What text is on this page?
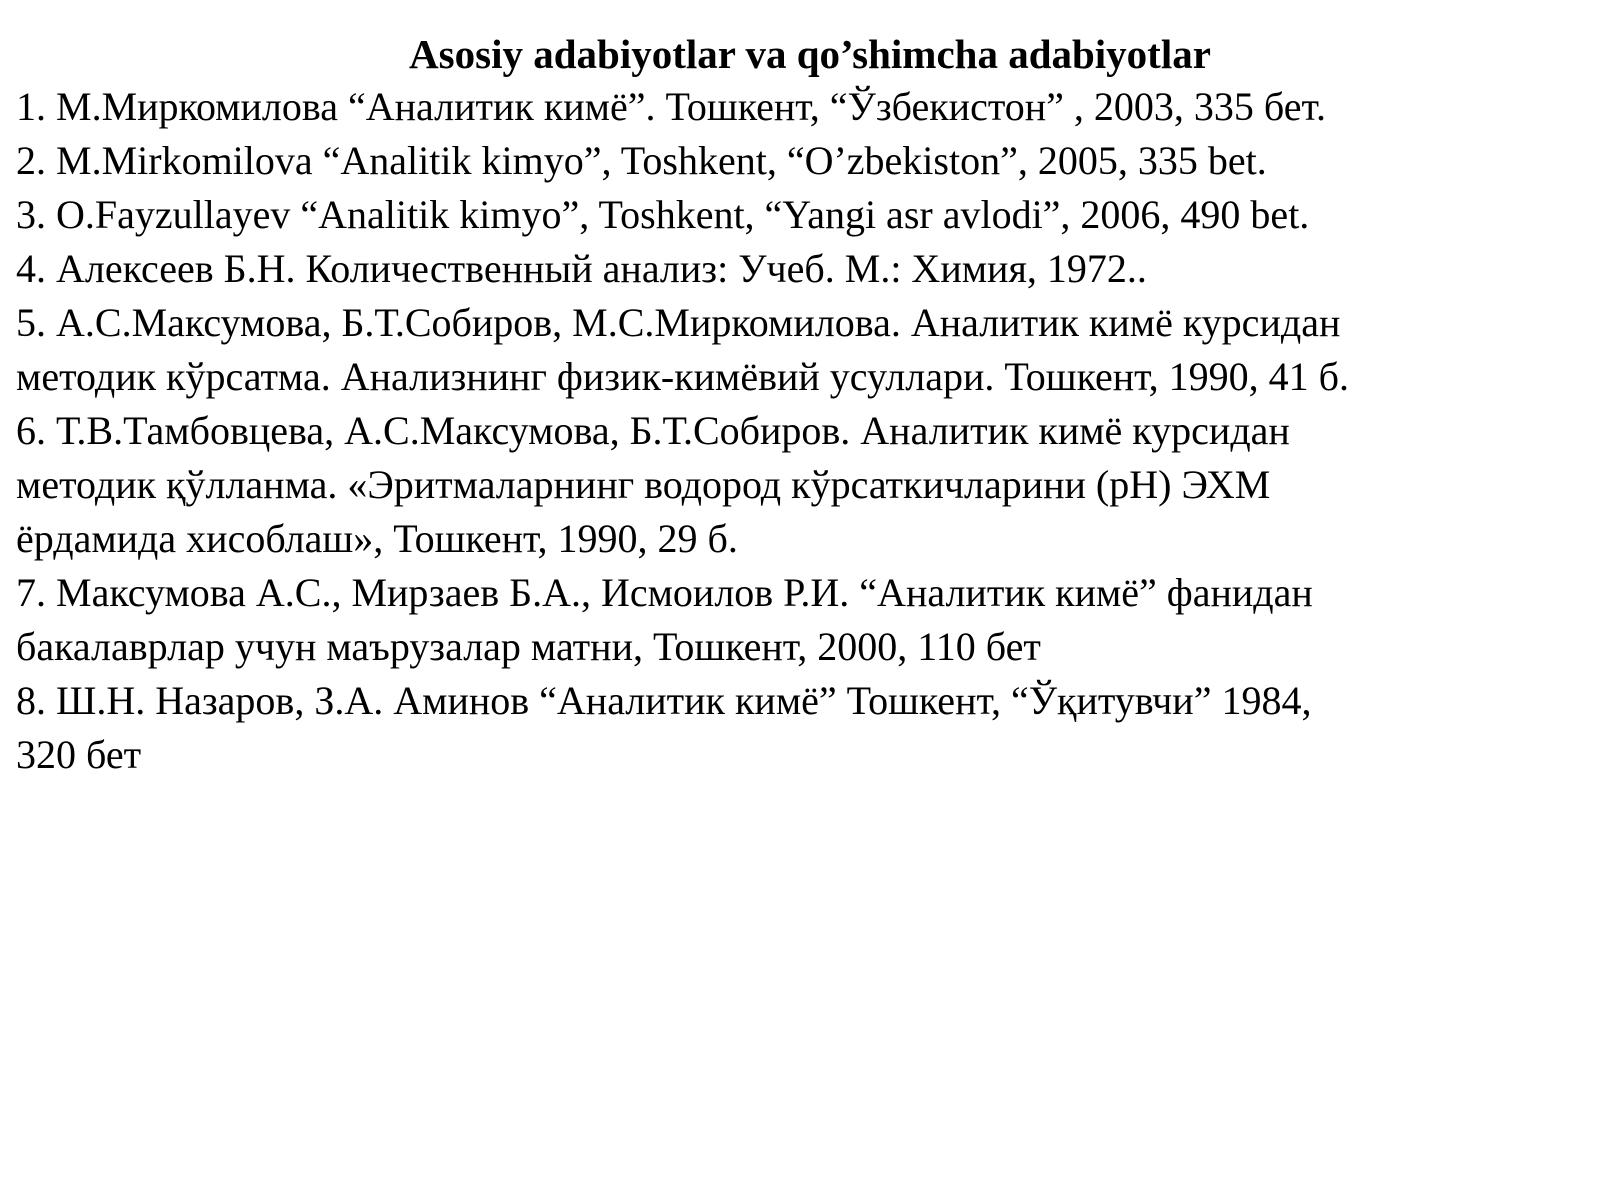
Asosiy adabiyotlar va qo’shimcha adabiyotlar
1. М.Миркомилова “Аналитик кимё”. Тошкент, “Ўзбекистон” , 2003, 335 бет.
2. M.Mirkomilova “Analitik kimyo”, Toshkent, “O’zbekiston”, 2005, 335 bet.
3. O.Fayzullayev “Analitik kimyo”, Toshkent, “Yangi asr avlodi”, 2006, 490 bet.
4. Алексеев Б.Н. Количественный анализ: Учеб. М.: Химия, 1972..
5. А.С.Максумова, Б.Т.Собиров, М.С.Миркомилова. Аналитик кимё курсидан
методик кўрсатма. Анализнинг физик-кимёвий усуллари. Тошкент, 1990, 41 б.
6. Т.В.Тамбовцева, А.С.Максумова, Б.Т.Собиров. Аналитик кимё курсидан
методик қўлланма. «Эритмаларнинг водород кўрсаткичларини (pH) ЭХМ
ёрдамида хисоблаш», Тошкент, 1990, 29 б.
7. Максумова А.С., Мирзаев Б.А., Исмоилов Р.И. “Аналитик кимё” фанидан
бакалаврлар учун маърузалар матни, Тошкент, 2000, 110 бет
8. Ш.Н. Назаров, З.А. Аминов “Аналитик кимё” Тошкент, “Ўқитувчи” 1984,
320 бет
